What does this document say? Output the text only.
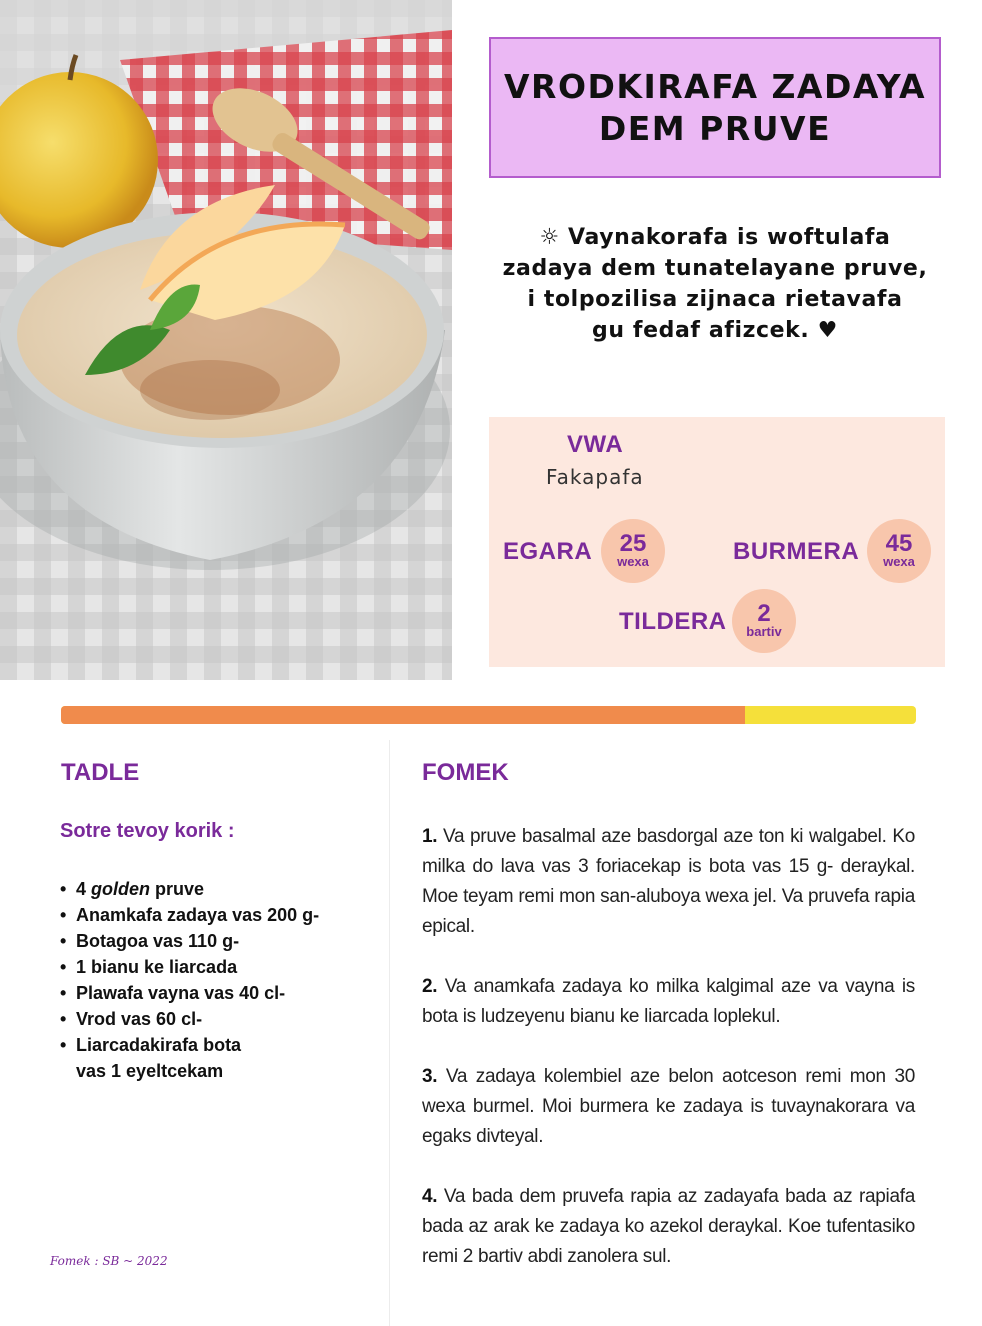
VRODKIRAFA ZADAYA
DEM PRUVE
☼ Vaynakorafa is woftulafa
zadaya dem tunatelayane pruve,
i tolpozilisa zijnaca rietavafa
gu fedaf afizcek. ♥
VWA
Fakapafa
EGARA 25
wexa	BURMERA 45
wexa
TILDERA 2
bartiv
TADLE
Sotre tevoy korik :
• 4 golden pruve
• Anamkafa zadaya vas 200 g-
• Botagoa vas 110 g-
• 1 bianu ke liarcada
• Plawafa vayna vas 40 cl-
• Vrod vas 60 cl-
• Liarcadakirafa bota
vas 1 eyeltcekam
Fomek : SB ~ 2022
FOMEK

1. Va pruve basalmal aze basdorgal aze ton ki walgabel. Ko milka do lava vas 3 foriacekap is bota vas 15 g- deraykal. Moe teyam remi mon san-aluboya wexa jel. Va pruvefa rapia epical.

2. Va anamkafa zadaya ko milka kalgimal aze va vayna is bota is ludzeyenu bianu ke liarcada loplekul.

3. Va zadaya kolembiel aze belon aotceson remi mon 30 wexa burmel. Moi burmera ke zadaya is tuvaynakorara va egaks divteyal.

4. Va bada dem pruvefa rapia az zadayafa bada az rapiafa bada az arak ke zadaya ko azekol deraykal. Koe tufentasiko remi 2 bartiv abdi zanolera sul.
